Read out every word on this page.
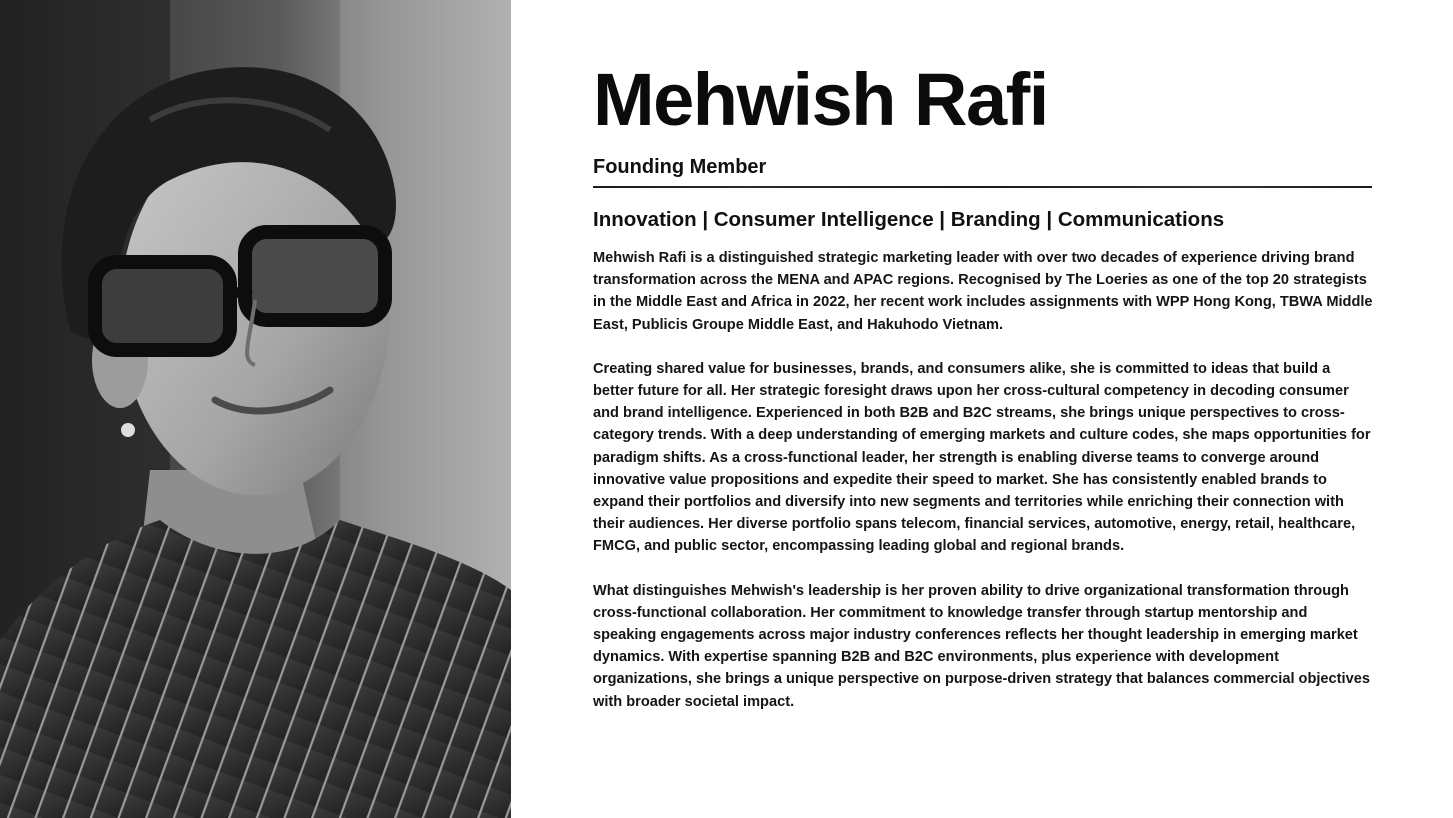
Mehwish Rafi
Founding Member
Innovation | Consumer Intelligence | Branding | Communications

Mehwish Rafi is a distinguished strategic marketing leader with over two decades of experience driving brand transformation across the MENA and APAC regions. Recognised by The Loeries as one of the top 20 strategists in the Middle East and Africa in 2022, her recent work includes assignments with WPP Hong Kong, TBWA Middle East, Publicis Groupe Middle East, and Hakuhodo Vietnam.

Creating shared value for businesses, brands, and consumers alike, she is committed to ideas that build a better future for all. Her strategic foresight draws upon her cross-cultural competency in decoding consumer and brand intelligence. Experienced in both B2B and B2C streams, she brings unique perspectives to cross-category trends. With a deep understanding of emerging markets and culture codes, she maps opportunities for paradigm shifts. As a cross-functional leader, her strength is enabling diverse teams to converge around innovative value propositions and expedite their speed to market. She has consistently enabled brands to expand their portfolios and diversify into new segments and territories while enriching their connection with their audiences. Her diverse portfolio spans telecom, financial services, automotive, energy, retail, healthcare, FMCG, and public sector, encompassing leading global and regional brands.

What distinguishes Mehwish's leadership is her proven ability to drive organizational transformation through cross-functional collaboration. Her commitment to knowledge transfer through startup mentorship and speaking engagements across major industry conferences reflects her thought leadership in emerging market dynamics. With expertise spanning B2B and B2C environments, plus experience with development organizations, she brings a unique perspective on purpose-driven strategy that balances commercial objectives with broader societal impact.
